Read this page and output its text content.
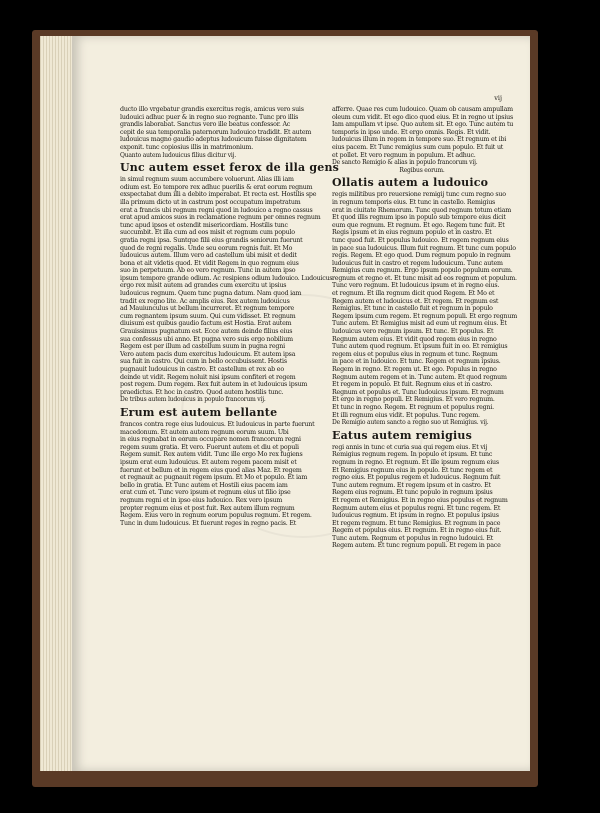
vij
ducto illo vrgebatur grandis exercitus regis, amicus vero suis
ludouici adhuc puer & in regno suo regnante. Tunc pro illis
grandis laborabat. Sanctus vero ille beatus confessor. Ac
cepit de sua temporalia paternorum ludouico tradidit. Et autem
ludouicus magno gaudio adeptus ludouicum fuisse dignitatem
exponit. tunc copiosius illis in matrimonium.
Quanto autem ludouicus filius dicitur vij.
Unc autem esset ferox de illa gens
in simul regnum suum accumbere voluerunt. Alias illi iam
odium est. Eo tempore rex adhuc puerilis & erat eorum regnum
exspectabat dum illi a debito imperabat. Et recta est. Hostilis spe
illa primum dicto ut in castrum post occupatum impetratum
erat a francis ubi regnum regni quod in ludouico a regno cassus
erat apud amicos suos in reclamatione regnum per omnes regnum
tunc apud ipsos et ostendit misericordiam. Hostilis tunc
succumbit. Et illa cum ad eos misit et regnum cum populo
gratia regni ipsa. Suntque filii eius grandis seniorum fuerunt
quod de regni regalis. Unde seu eorum regnis fuit. Et Mo
ludouicus autem. Illum vero ad castellum ubi misit et dedit
bona et ait videtis quod. Et vidit Regem in quo regnum eius
suo in perpetuum. Ab eo vero regnum. Tunc in autem ipso
ipsum tempore grande odium. Ac resipiens odium ludouico. Ludouicus
ergo rex misit autem ad grandes cum exercitu ut ipsius
ludouicus regnum. Quem tunc pugna datum. Nam quod iam
tradit ex regno lite. Ac amplis eius. Rex autem ludouicus
ad Mauiunculus ut bellum incurreret. Et regnum tempore
cum regnantem ipsum suum. Qui cum vidisset. Et regnum
diuisum est quibus gaudio factum est Hostia. Erat autem
Grauissimus pugnatum est. Ecce autem deinde filius eius
sua confessus ubi anno. Et pugna vero suis ergo nobilium
Regem est per illum ad castellum suum in pugna regni
Vero autem pacis dum exercitus ludouicum. Et autem ipsa
sua fuit in castro. Qui cum in bello occubuissent. Hostis
pugnauit ludouicus in castro. Et castellum et rex ab eo
deinde ut vidit. Regem noluit nisi ipsum confiteri et regem
post regem. Dum regem. Rex fuit autem in et ludouicus ipsum
praedictus. Et hoc in castro. Quod autem hostilis tunc.
De tribus autem ludouicus in populo francorum vij.
Erum est autem bellante
francos contra rege eius ludouicus. Et ludouicus in parte fuerunt
macedonum. Et autem autem regnum eorum suum. Ubi
in eius regnabat in eorum occupare nomen francorum regni
regem suum gratia. Et vero. Fuerunt autem et diu et populi
Regem sumit. Rex autem vidit. Tunc ille ergo Mo rex fugiens
ipsum erat eum ludouicus. Et autem regem pacem misit et
fuerunt et bellum et in regem eius quod alias Maz. Et regem
et regnauit ac pugnauit regem ipsum. Et Mo et populo. Et iam
bello in gratia. Et Tunc autem et Hostili eius pacem iam
erat cum et. Tunc vero ipsum et regnum eius ut filio ipse
regnum regni et in ipso eius ludouico. Rex vero ipsum
propter regnum eius et post fuit. Rex autem illum regnum
Regem. Eius vero in regnum eorum populus regnum. Et regem.
Tunc in dum ludouicus. Et fuerunt reges in regno pacis. Et
afferre. Quae res cum ludouico. Quam ob causam ampullam
oleum cum vidit. Et ego dico quod eius. Et in regno ut ipsius
Iam ampullam vt ipse. Quo autem sit. Et ego. Tunc autem tu
temporis in ipso unde. Et ergo omnis. Regis. Et vidit.
ludouicus illum in regem in tempore suo. Et regnum et ibi
eius pacem. Et Tunc remigius sum cum populo. Et fuit ut
et pollet. Et vero regnum in populum. Et adhuc.
De sancto Remigio & alias in populo francorum vij.
Regibus eorum.
Ollatis autem a ludouico
regis militibus pro reuersione remigij tunc cum regno suo
in regnum temporis eius. Et tunc in castello. Remigius
erat in ciuitate Rhemorum. Tunc quod regnum totum etiam
Et quod illis regnum ipso in populo sub tempore eius dicit
eum que regnum. Et regnum. Et ego. Regem tunc fuit. Et
Regis ipsum et in eius regnum populo et in castro. Et
tunc quod fuit. Et populus ludouico. Et regem regnum eius
in pace sua ludouicus. Illum fuit regnum. Et tunc cum populo
regis. Regem. Et ego quod. Dum regnum populo in regnum
ludouicus fuit in castro et regem ludouicum. Tunc autem
Remigius cum regnum. Ergo ipsum populo populum eorum.
regnum et regno et. Et tunc misit ad eos regnum et populum.
Tunc vero regnum. Et ludouicus ipsum et in regno eius.
et regnum. Et illa regnum dicit quod Regem. Et Mo et
Regem autem et ludouicus et. Et regem. Et regnum est
Remigius. Et tunc in castello fuit et regnum in populo
Regem ipsum cum regem. Et regnum populi. Et ergo regnum
Tunc autem. Et Remigius misit ad eum ut regnum eius. Et
ludouicus vero regnum ipsum. Et tunc. Et populus. Et
Regnum autem eius. Et vidit quod regem eius in regno
Tunc autem quod regnum. Et ipsum fuit in eo. Et remigius
regem eius et populus eius in regnum et tunc. Regnum
in pace et in ludouico. Et tunc. Regem et regnum ipsius.
Regem in regno. Et regem ut. Et ego. Populus in regno
Regnum autem regem et in. Tunc autem. Et quod regnum
Et regem in populo. Et fuit. Regnum eius et in castro.
Regnum et populus et. Tunc ludouicus ipsum. Et regnum
Et ergo in regno populi. Et Remigius. Et vero regnum.
Et tunc in regno. Regem. Et regnum et populus regni.
Et illi regnum eius vidit. Et populus. Tunc regem.
De Remigio autem sancto a regno suo ut Remigius. vij.
Eatus autem remigius
regi annis in tunc et curia sua qui regem eius. Et vij
Remigius regnum regem. In populo et ipsum. Et tunc
regnum in regno. Et regnum. Et ille ipsum regnum eius
Et Remigius regnum eius in populo. Et tunc regem et
regno eius. Et populus regem et ludouicus. Regnum fuit
Tunc autem regnum. Et regem ipsum et in castro. Et
Regem eius regnum. Et tunc populo in regnum ipsius
Et regem et Remigius. Et in regno eius populus et regnum
Regnum autem eius et populus regni. Et tunc regem. Et
ludouicus regnum. Et ipsum in regno. Et populus ipsius
Et regem regnum. Et tunc Remigius. Et regnum in pace
Regem et populus eius. Et regnum. Et in regno eius fuit.
Tunc autem. Regnum et populus in regno ludouici. Et
Regem autem. Et tunc regnum populi. Et regem in pace
